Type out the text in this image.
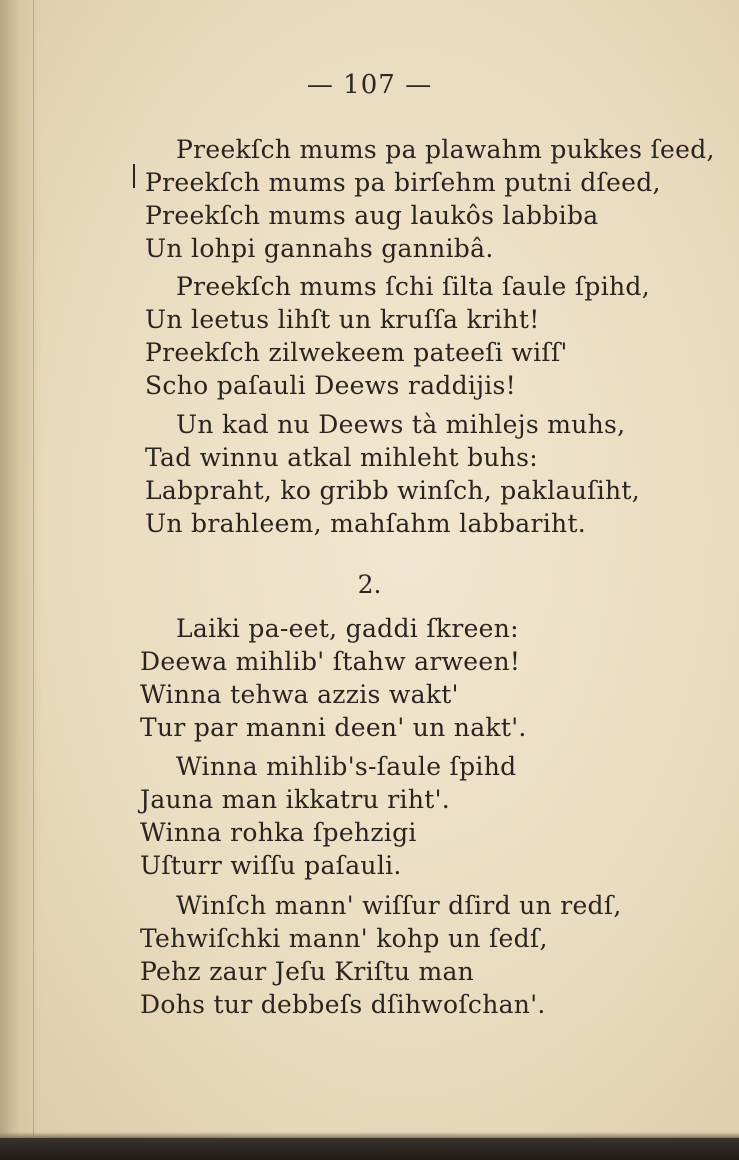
— 107 —
Preekſch mums pa plawahm pukkes ſeed,
Preekſch mums pa birſehm putni dſeed,
Preekſch mums aug laukôs labbiba
Un lohpi gannahs gannibâ.
Preekſch mums ſchi ſilta ſaule ſpihd,
Un leetus lihſt un kruſſa kriht!
Preekſch zilwekeem pateeſi wiſſ'
Scho paſauli Deews raddijis!
Un kad nu Deews tà mihlejs muhs,
Tad winnu atkal mihleht buhs:
Labpraht, ko gribb winſch, paklauſiht,
Un brahleem, mahſahm labbariht.
2.
Laiki pa-eet, gaddi ſkreen:
Deewa mihlib' ſtahw arween!
Winna tehwa azzis wakt'
Tur par manni deen' un nakt'.
Winna mihlib's-ſaule ſpihd
Jauna man ikkatru riht'.
Winna rohka ſpehzigi
Uſturr wiſſu paſauli.
Winſch mann' wiſſur dſird un redſ,
Tehwiſchki mann' kohp un ſedſ,
Pehz zaur Jeſu Kriſtu man
Dohs tur debbeſs dſihwoſchan'.
